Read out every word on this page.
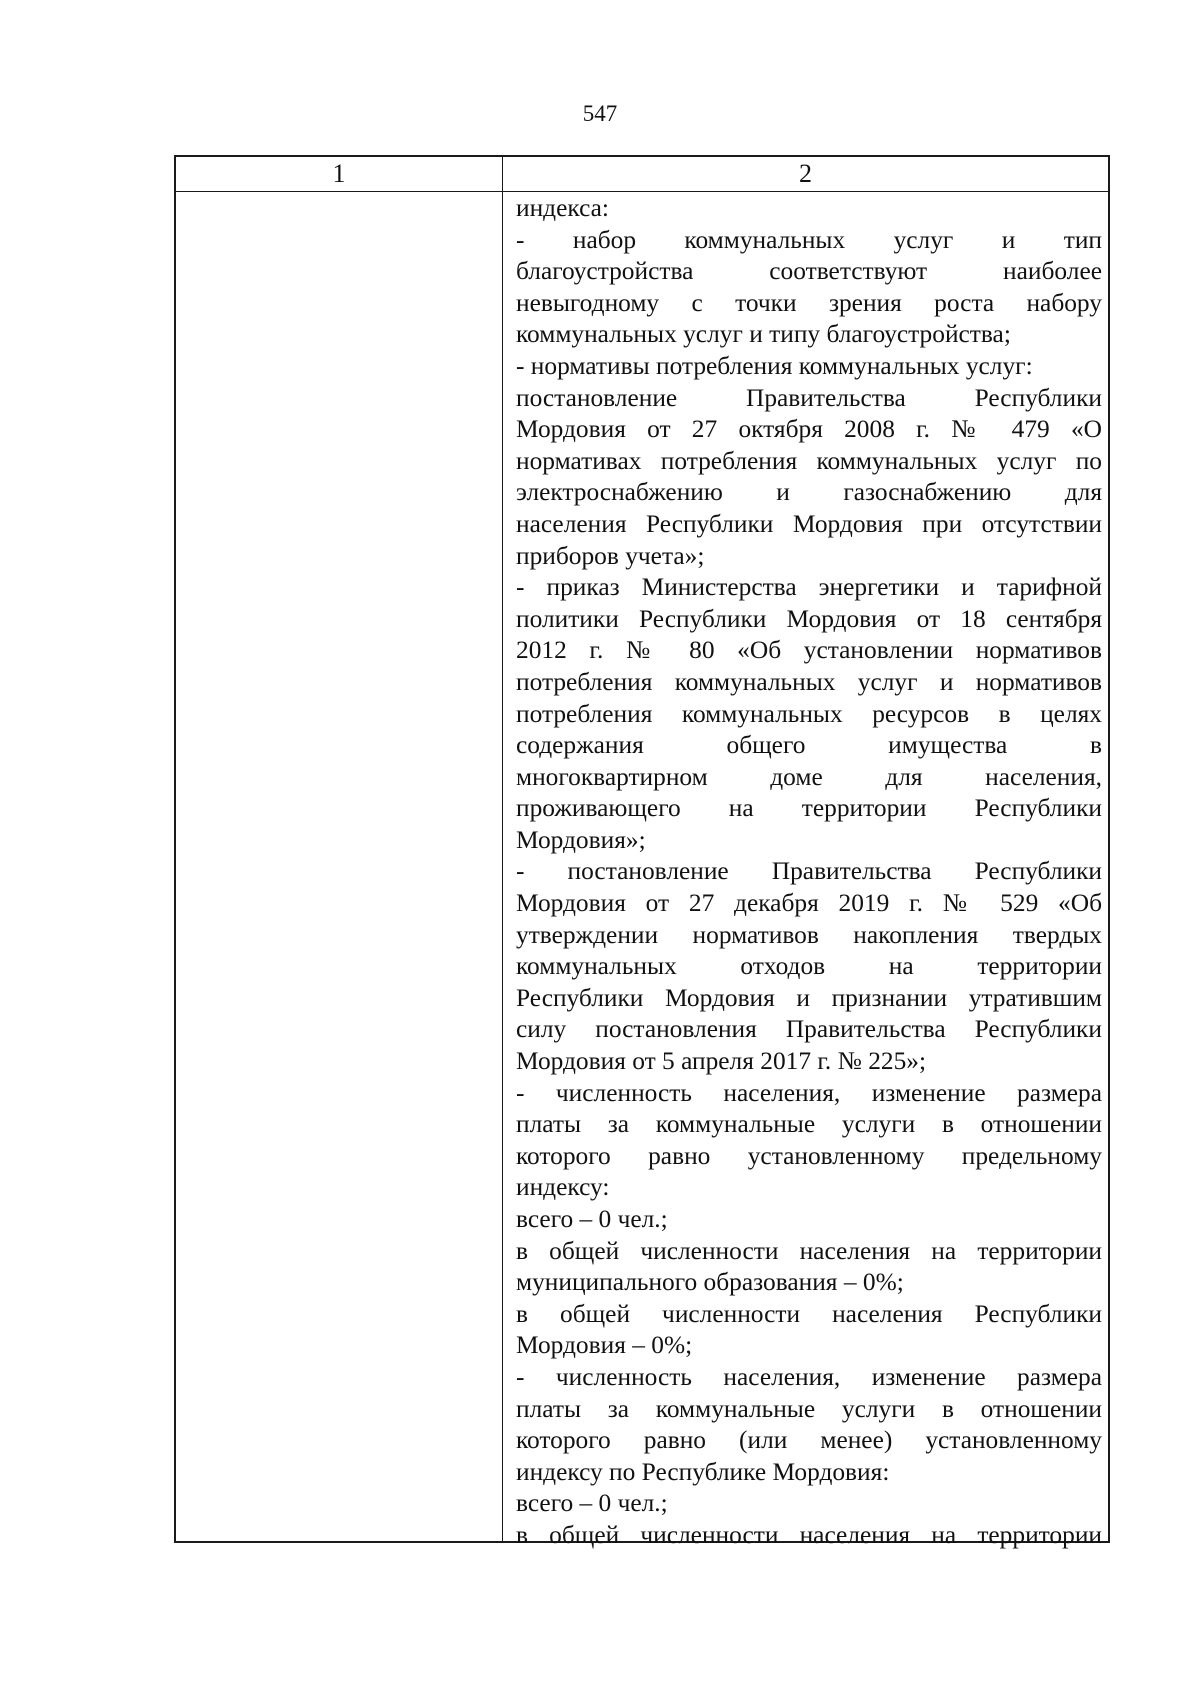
547
1	2
индекса:
- набор коммунальных услуг и тип
благоустройства соответствуют наиболее
невыгодному с точки зрения роста набору
коммунальных услуг и типу благоустройства;
- нормативы потребления коммунальных услуг:
постановление Правительства Республики
Мордовия от 27 октября 2008 г. № 479 «О
нормативах потребления коммунальных услуг по
электроснабжению и газоснабжению для
населения Республики Мордовия при отсутствии
приборов учета»;
- приказ Министерства энергетики и тарифной
политики Республики Мордовия от 18 сентября
2012 г. № 80 «Об установлении нормативов
потребления коммунальных услуг и нормативов
потребления коммунальных ресурсов в целях
содержания общего имущества в
многоквартирном доме для населения,
проживающего на территории Республики
Мордовия»;
- постановление Правительства Республики
Мордовия от 27 декабря 2019 г. № 529 «Об
утверждении нормативов накопления твердых
коммунальных отходов на территории
Республики Мордовия и признании утратившим
силу постановления Правительства Республики
Мордовия от 5 апреля 2017 г. № 225»;
- численность населения, изменение размера
платы за коммунальные услуги в отношении
которого равно установленному предельному
индексу:
всего – 0 чел.;
в общей численности населения на территории
муниципального образования – 0%;
в общей численности населения Республики
Мордовия – 0%;
- численность населения, изменение размера
платы за коммунальные услуги в отношении
которого равно (или менее) установленному
индексу по Республике Мордовия:
всего – 0 чел.;
в общей численности населения на территории
